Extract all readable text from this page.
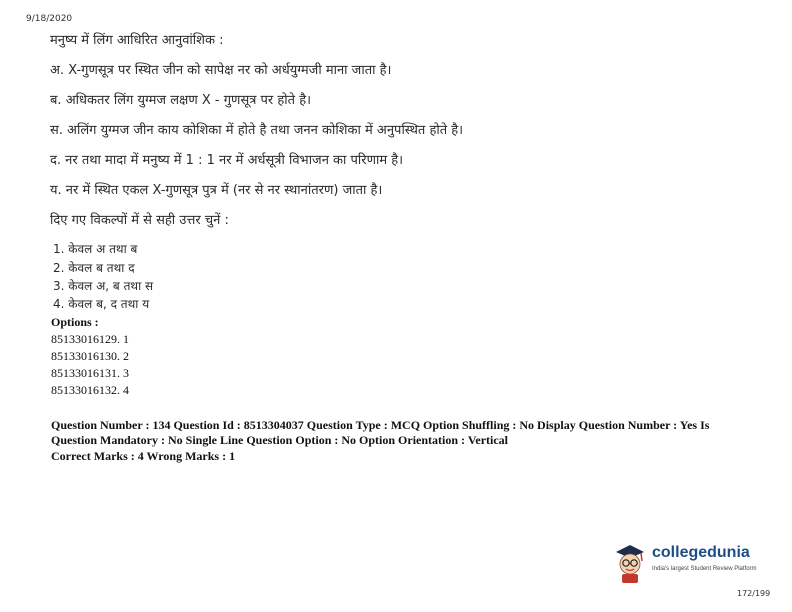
9/18/2020
मनुष्य में लिंग आधिरित आनुवांशिक :
अ. X-गुणसूत्र पर स्थित जीन को सापेक्ष नर को अर्धयुग्मजी माना जाता है।
ब. अधिकतर लिंग युग्मज लक्षण X - गुणसूत्र पर होते है।
स. अलिंग युग्मज जीन काय कोशिका में होते है तथा जनन कोशिका में अनुपस्थित होते है।
द. नर तथा मादा में मनुष्य में 1 : 1 नर में अर्धसूत्री विभाजन का परिणाम है।
य. नर में स्थित एकल X-गुणसूत्र पुत्र में (नर से नर स्थानांतरण) जाता है।
दिए गए विकल्पों में से सही उत्तर चुनें :
1. केवल अ तथा ब
2. केवल ब तथा द
3. केवल अ, ब तथा स
4. केवल ब, द तथा य
Options :
85133016129. 1
85133016130. 2
85133016131. 3
85133016132. 4
Question Number : 134 Question Id : 8513304037 Question Type : MCQ Option Shuffling : No Display Question Number : Yes Is
Question Mandatory : No Single Line Question Option : No Option Orientation : Vertical
Correct Marks : 4 Wrong Marks : 1
collegedunia
India's largest Student Review Platform
172/199
